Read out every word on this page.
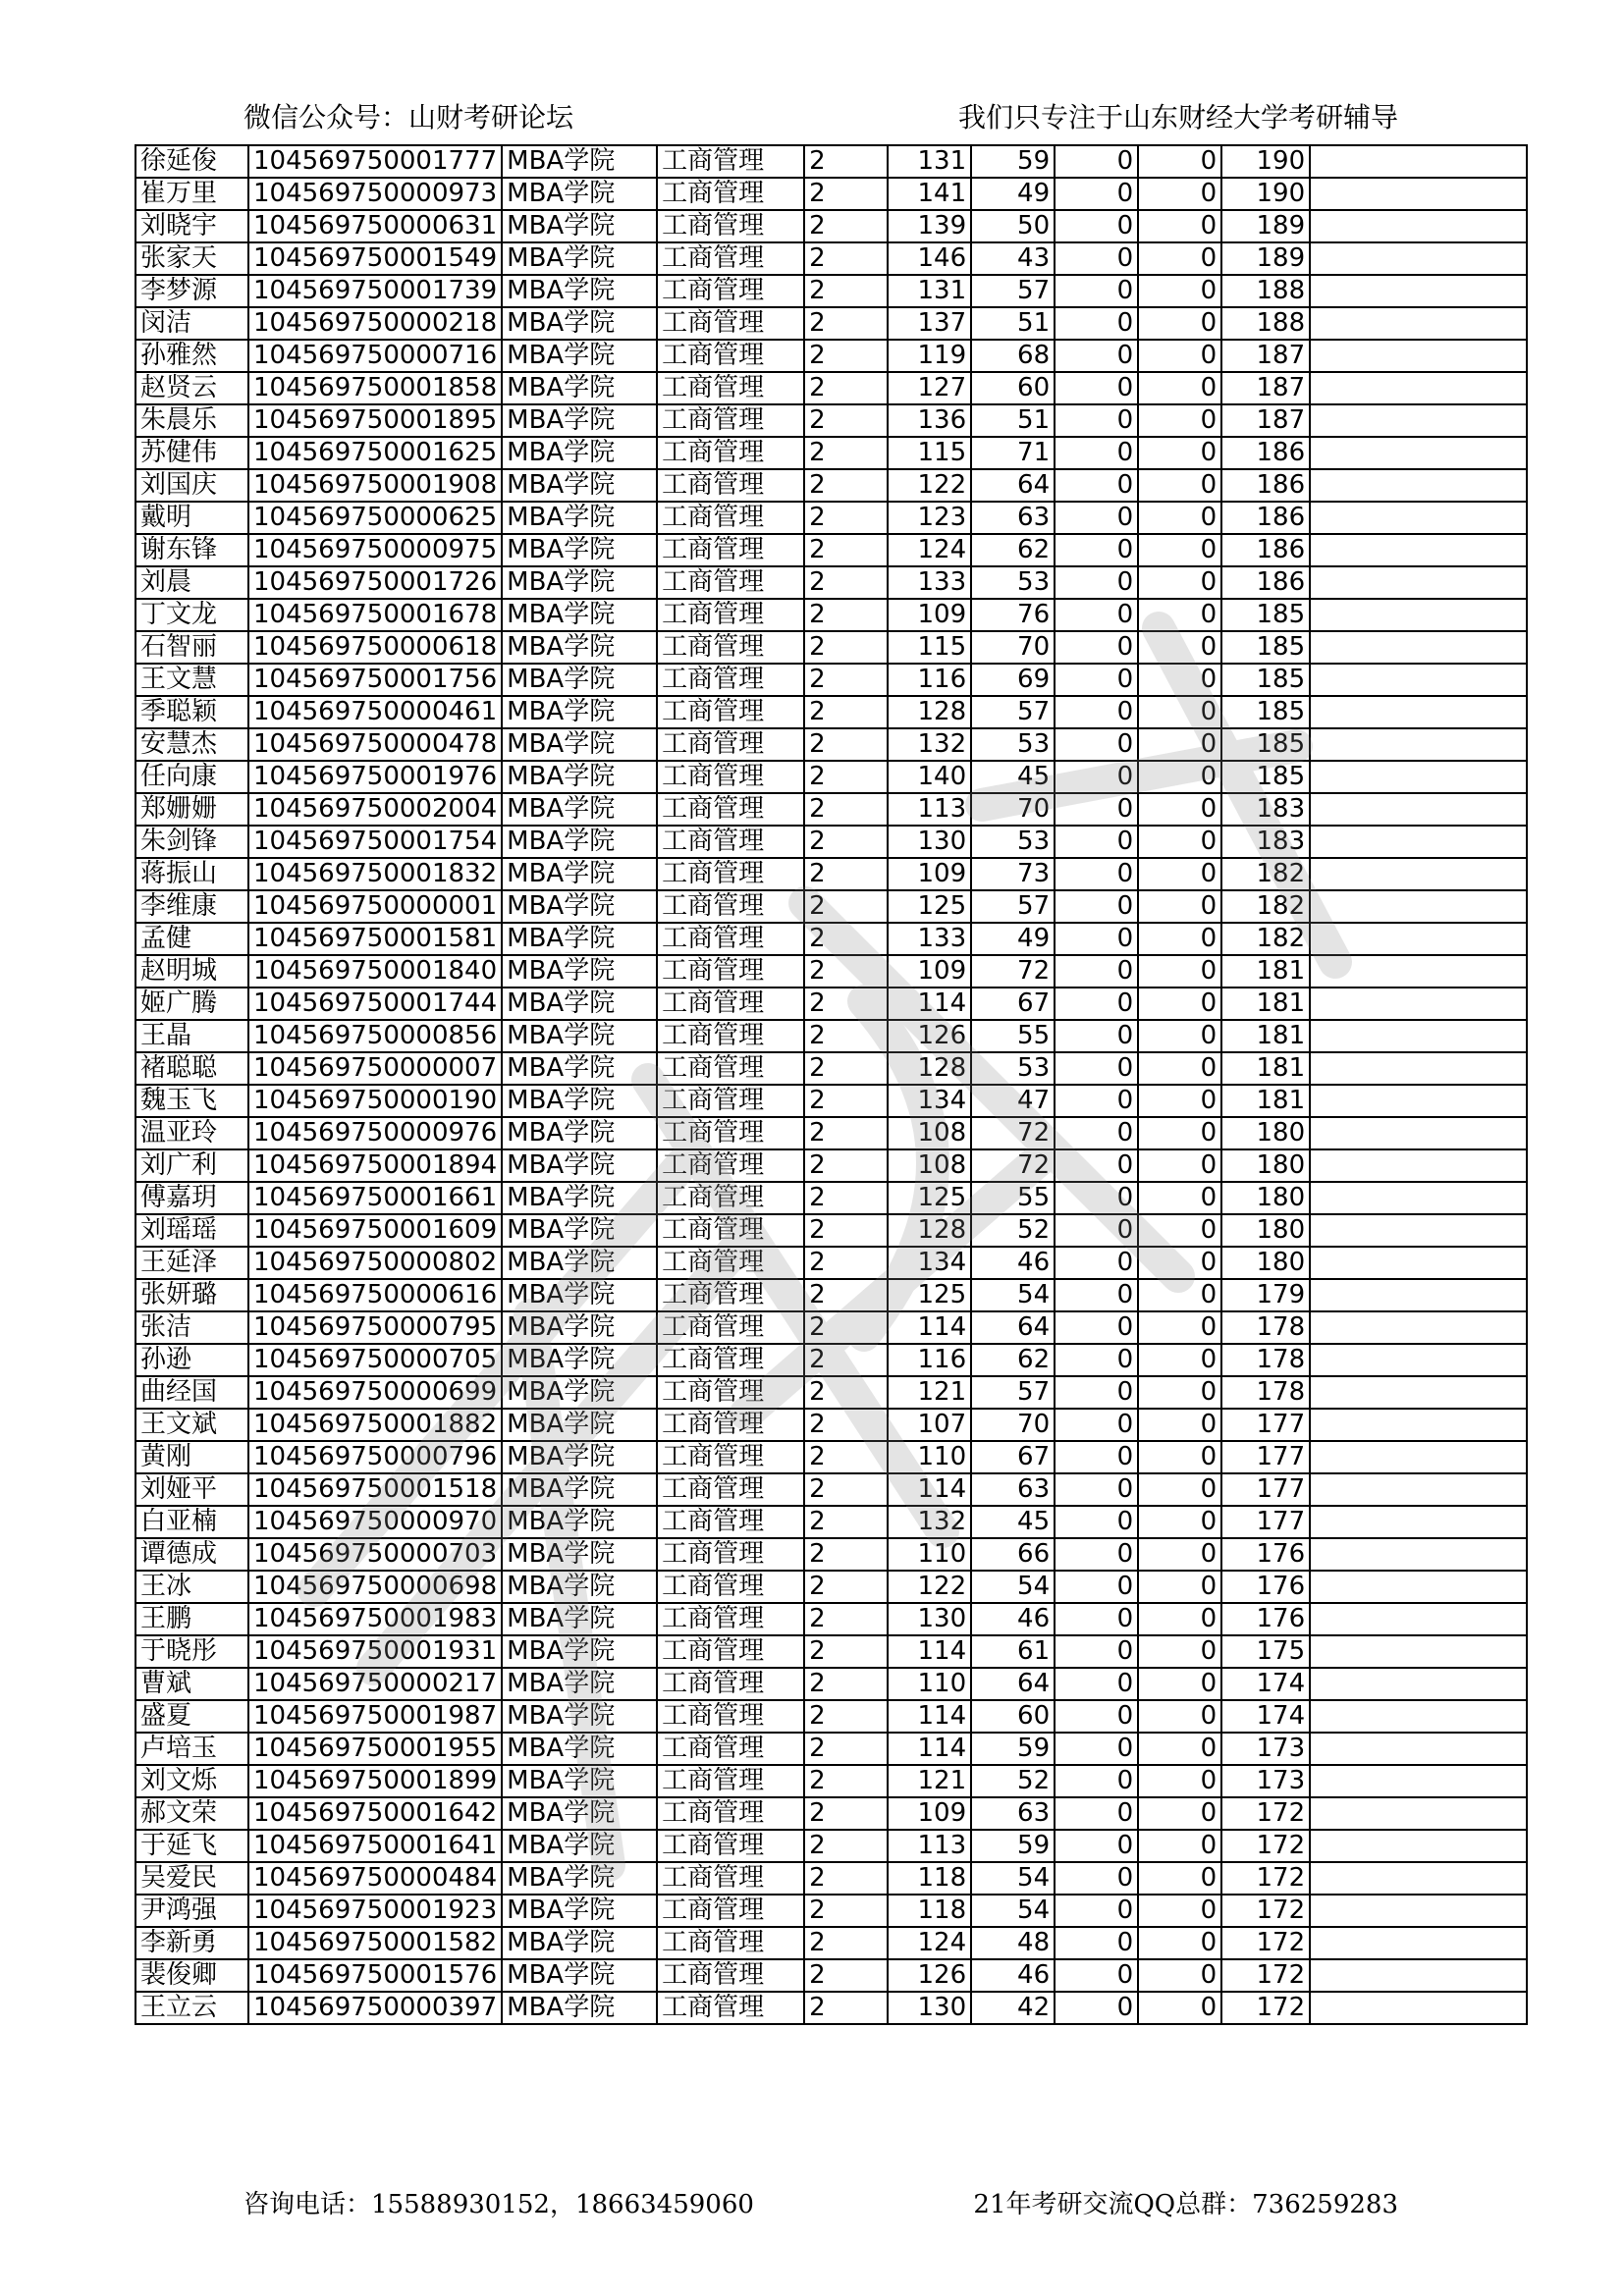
微信公众号：山财考研论坛	我们只专注于山东财经大学考研辅导
徐延俊	104569750001777	MBA学院	工商管理	2	131	59	0	0	190	
崔万里	104569750000973	MBA学院	工商管理	2	141	49	0	0	190	
刘晓宇	104569750000631	MBA学院	工商管理	2	139	50	0	0	189	
张家天	104569750001549	MBA学院	工商管理	2	146	43	0	0	189	
李梦源	104569750001739	MBA学院	工商管理	2	131	57	0	0	188	
闵洁	104569750000218	MBA学院	工商管理	2	137	51	0	0	188	
孙雅然	104569750000716	MBA学院	工商管理	2	119	68	0	0	187	
赵贤云	104569750001858	MBA学院	工商管理	2	127	60	0	0	187	
朱晨乐	104569750001895	MBA学院	工商管理	2	136	51	0	0	187	
苏健伟	104569750001625	MBA学院	工商管理	2	115	71	0	0	186	
刘国庆	104569750001908	MBA学院	工商管理	2	122	64	0	0	186	
戴明	104569750000625	MBA学院	工商管理	2	123	63	0	0	186	
谢东锋	104569750000975	MBA学院	工商管理	2	124	62	0	0	186	
刘晨	104569750001726	MBA学院	工商管理	2	133	53	0	0	186	
丁文龙	104569750001678	MBA学院	工商管理	2	109	76	0	0	185	
石智丽	104569750000618	MBA学院	工商管理	2	115	70	0	0	185	
王文慧	104569750001756	MBA学院	工商管理	2	116	69	0	0	185	
季聪颖	104569750000461	MBA学院	工商管理	2	128	57	0	0	185	
安慧杰	104569750000478	MBA学院	工商管理	2	132	53	0	0	185	
任向康	104569750001976	MBA学院	工商管理	2	140	45	0	0	185	
郑姗姗	104569750002004	MBA学院	工商管理	2	113	70	0	0	183	
朱剑锋	104569750001754	MBA学院	工商管理	2	130	53	0	0	183	
蒋振山	104569750001832	MBA学院	工商管理	2	109	73	0	0	182	
李维康	104569750000001	MBA学院	工商管理	2	125	57	0	0	182	
孟健	104569750001581	MBA学院	工商管理	2	133	49	0	0	182	
赵明城	104569750001840	MBA学院	工商管理	2	109	72	0	0	181	
姬广腾	104569750001744	MBA学院	工商管理	2	114	67	0	0	181	
王晶	104569750000856	MBA学院	工商管理	2	126	55	0	0	181	
褚聪聪	104569750000007	MBA学院	工商管理	2	128	53	0	0	181	
魏玉飞	104569750000190	MBA学院	工商管理	2	134	47	0	0	181	
温亚玲	104569750000976	MBA学院	工商管理	2	108	72	0	0	180	
刘广利	104569750001894	MBA学院	工商管理	2	108	72	0	0	180	
傅嘉玥	104569750001661	MBA学院	工商管理	2	125	55	0	0	180	
刘瑶瑶	104569750001609	MBA学院	工商管理	2	128	52	0	0	180	
王延泽	104569750000802	MBA学院	工商管理	2	134	46	0	0	180	
张妍璐	104569750000616	MBA学院	工商管理	2	125	54	0	0	179	
张洁	104569750000795	MBA学院	工商管理	2	114	64	0	0	178	
孙逊	104569750000705	MBA学院	工商管理	2	116	62	0	0	178	
曲经国	104569750000699	MBA学院	工商管理	2	121	57	0	0	178	
王文斌	104569750001882	MBA学院	工商管理	2	107	70	0	0	177	
黄刚	104569750000796	MBA学院	工商管理	2	110	67	0	0	177	
刘娅平	104569750001518	MBA学院	工商管理	2	114	63	0	0	177	
白亚楠	104569750000970	MBA学院	工商管理	2	132	45	0	0	177	
谭德成	104569750000703	MBA学院	工商管理	2	110	66	0	0	176	
王冰	104569750000698	MBA学院	工商管理	2	122	54	0	0	176	
王鹏	104569750001983	MBA学院	工商管理	2	130	46	0	0	176	
于晓彤	104569750001931	MBA学院	工商管理	2	114	61	0	0	175	
曹斌	104569750000217	MBA学院	工商管理	2	110	64	0	0	174	
盛夏	104569750001987	MBA学院	工商管理	2	114	60	0	0	174	
卢培玉	104569750001955	MBA学院	工商管理	2	114	59	0	0	173	
刘文烁	104569750001899	MBA学院	工商管理	2	121	52	0	0	173	
郝文荣	104569750001642	MBA学院	工商管理	2	109	63	0	0	172	
于延飞	104569750001641	MBA学院	工商管理	2	113	59	0	0	172	
吴爱民	104569750000484	MBA学院	工商管理	2	118	54	0	0	172	
尹鸿强	104569750001923	MBA学院	工商管理	2	118	54	0	0	172	
李新勇	104569750001582	MBA学院	工商管理	2	124	48	0	0	172	
裴俊卿	104569750001576	MBA学院	工商管理	2	126	46	0	0	172	
王立云	104569750000397	MBA学院	工商管理	2	130	42	0	0	172	
咨询电话：15588930152，18663459060	21年考研交流QQ总群：736259283
